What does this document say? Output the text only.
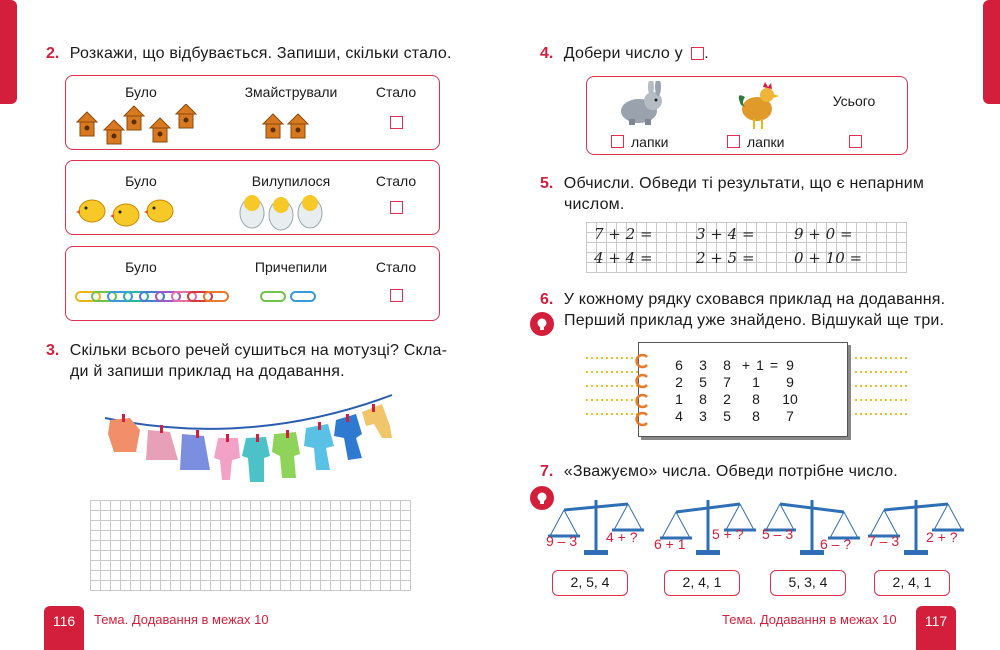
2. Розкажи, що відбувається. Запиши, скільки стало.
Було	Змайстрували	Стало
Було	Вилупилося	Стало
Було	Причепили	Стало
3. Скільки всього речей сушиться на мотузці? Скла-
ди й запиши приклад на додавання.
116	Тема. Додавання в межах 10
4. Добери число у .
Усього
лапки	лапки
5. Обчисли. Обведи ті результати, що є непарним
числом.
7 + 2 =	3 + 4 =	9 + 0 =
4 + 4 =	2 + 5 =	0 + 10 =
6. У кожному рядку сховався приклад на додавання.
Перший приклад уже знайдено. Відшукай ще три.
6 3 8 + 1 = 9
2 5 7 1 9
1 8 2 8 10
4 3 5 8 7
7. «Зважуємо» числа. Обведи потрібне число.
9 – 3 4 + ?
2, 5, 4
6 + 1
5 + ?
2, 4, 1
5 – 3
6 – ?
5, 3, 4
7 – 3 2 + ?
2, 4, 1
Тема. Додавання в межах 10	117
